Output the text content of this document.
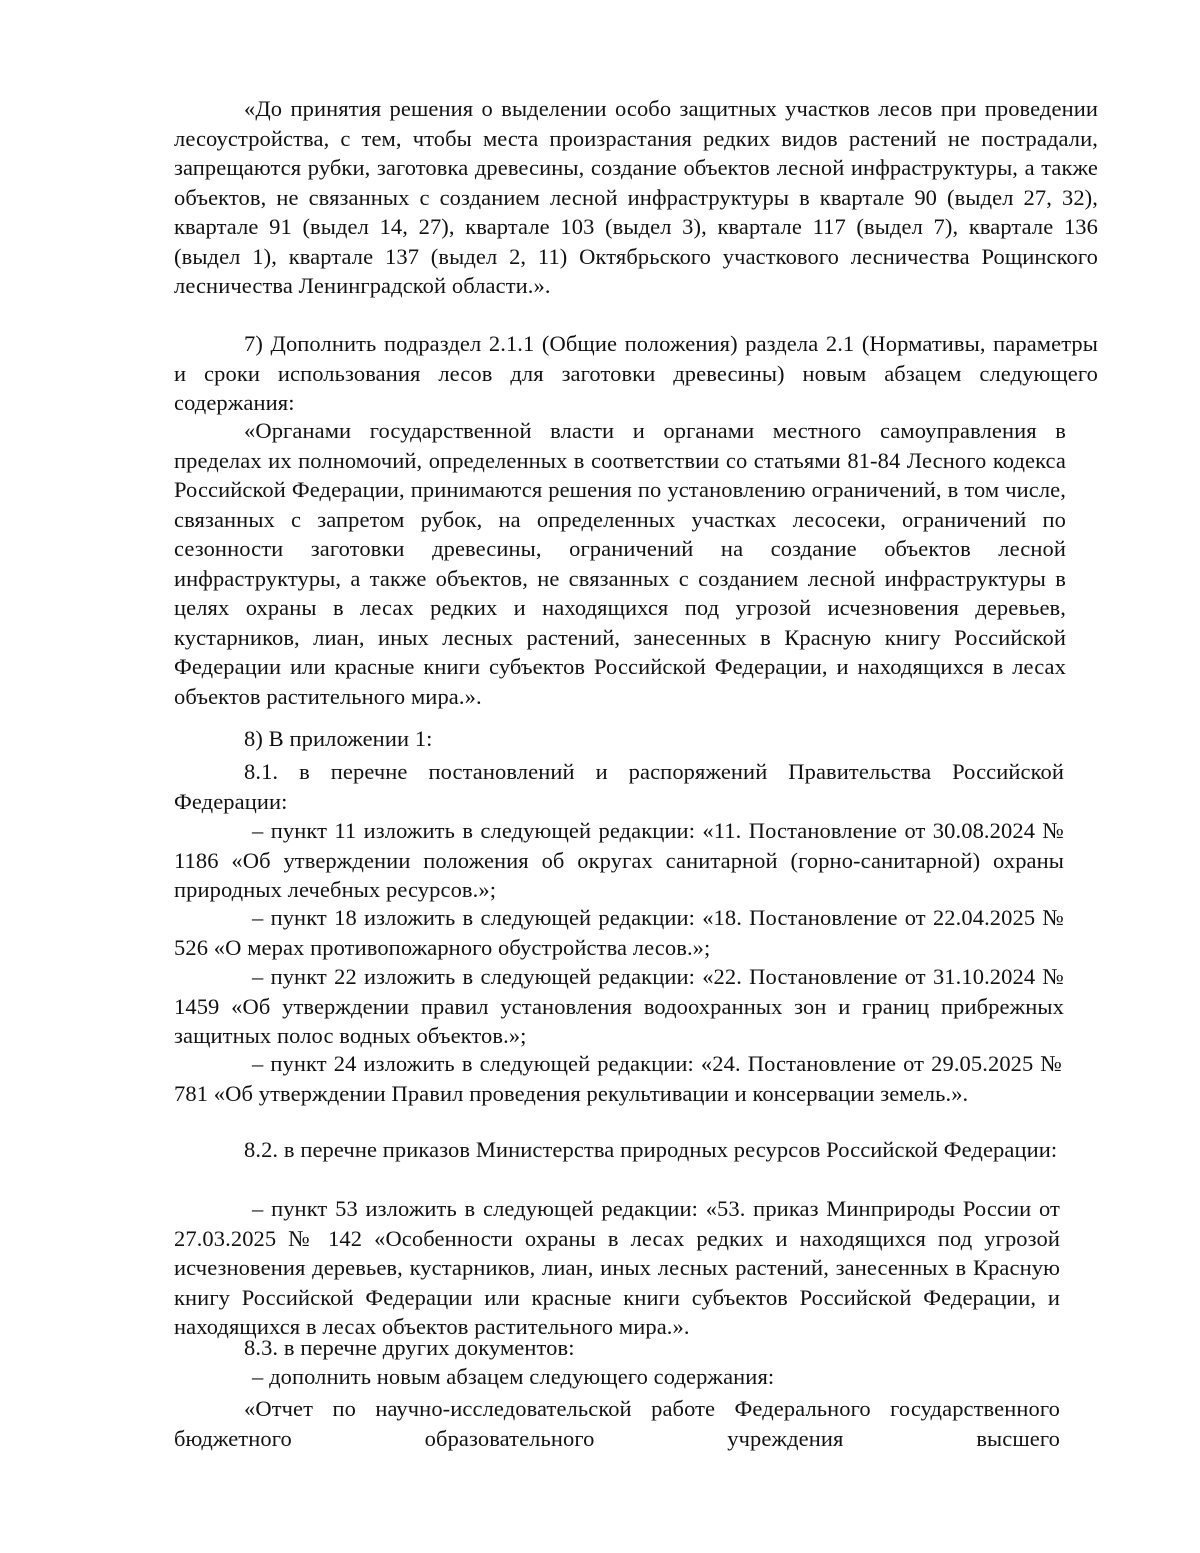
«До принятия решения о выделении особо защитных участков лесов при проведении лесоустройства, с тем, чтобы места произрастания редких видов растений не пострадали, запрещаются рубки, заготовка древесины, создание объектов лесной инфраструктуры, а также объектов, не связанных с созданием лесной инфраструктуры в квартале 90 (выдел 27, 32), квартале 91 (выдел 14, 27), квартале 103 (выдел 3), квартале 117 (выдел 7), квартале 136 (выдел 1), квартале 137 (выдел 2, 11) Октябрьского участкового лесничества Рощинского лесничества Ленинградской области.».

7) Дополнить подраздел 2.1.1 (Общие положения) раздела 2.1 (Нормативы, параметры и сроки использования лесов для заготовки древесины) новым абзацем следующего содержания:

«Органами государственной власти и органами местного самоуправления в пределах их полномочий, определенных в соответствии со статьями 81-84 Лесного кодекса Российской Федерации, принимаются решения по установлению ограничений, в том числе, связанных с запретом рубок, на определенных участках лесосеки, ограничений по сезонности заготовки древесины, ограничений на создание объектов лесной инфраструктуры, а также объектов, не связанных с созданием лесной инфраструктуры в целях охраны в лесах редких и находящихся под угрозой исчезновения деревьев, кустарников, лиан, иных лесных растений, занесенных в Красную книгу Российской Федерации или красные книги субъектов Российской Федерации, и находящихся в лесах объектов растительного мира.».

8) В приложении 1:

8.1. в перечне постановлений и распоряжений Правительства Российской Федерации:

– пункт 11 изложить в следующей редакции: «11. Постановление от 30.08.2024 № 1186 «Об утверждении положения об округах санитарной (горно-санитарной) охраны природных лечебных ресурсов.»;

– пункт 18 изложить в следующей редакции: «18. Постановление от 22.04.2025 № 526 «О мерах противопожарного обустройства лесов.»;

– пункт 22 изложить в следующей редакции: «22. Постановление от 31.10.2024 № 1459 «Об утверждении правил установления водоохранных зон и границ прибрежных защитных полос водных объектов.»;

– пункт 24 изложить в следующей редакции: «24. Постановление от 29.05.2025 № 781 «Об утверждении Правил проведения рекультивации и консервации земель.».

8.2. в перечне приказов Министерства природных ресурсов Российской Федерации:

– пункт 53 изложить в следующей редакции: «53. приказ Минприроды России от 27.03.2025 № 142 «Особенности охраны в лесах редких и находящихся под угрозой исчезновения деревьев, кустарников, лиан, иных лесных растений, занесенных в Красную книгу Российской Федерации или красные книги субъектов Российской Федерации, и находящихся в лесах объектов растительного мира.».

8.3. в перечне других документов:

– дополнить новым абзацем следующего содержания:

«Отчет по научно-исследовательской работе Федерального государственного бюджетного образовательного учреждения высшего
